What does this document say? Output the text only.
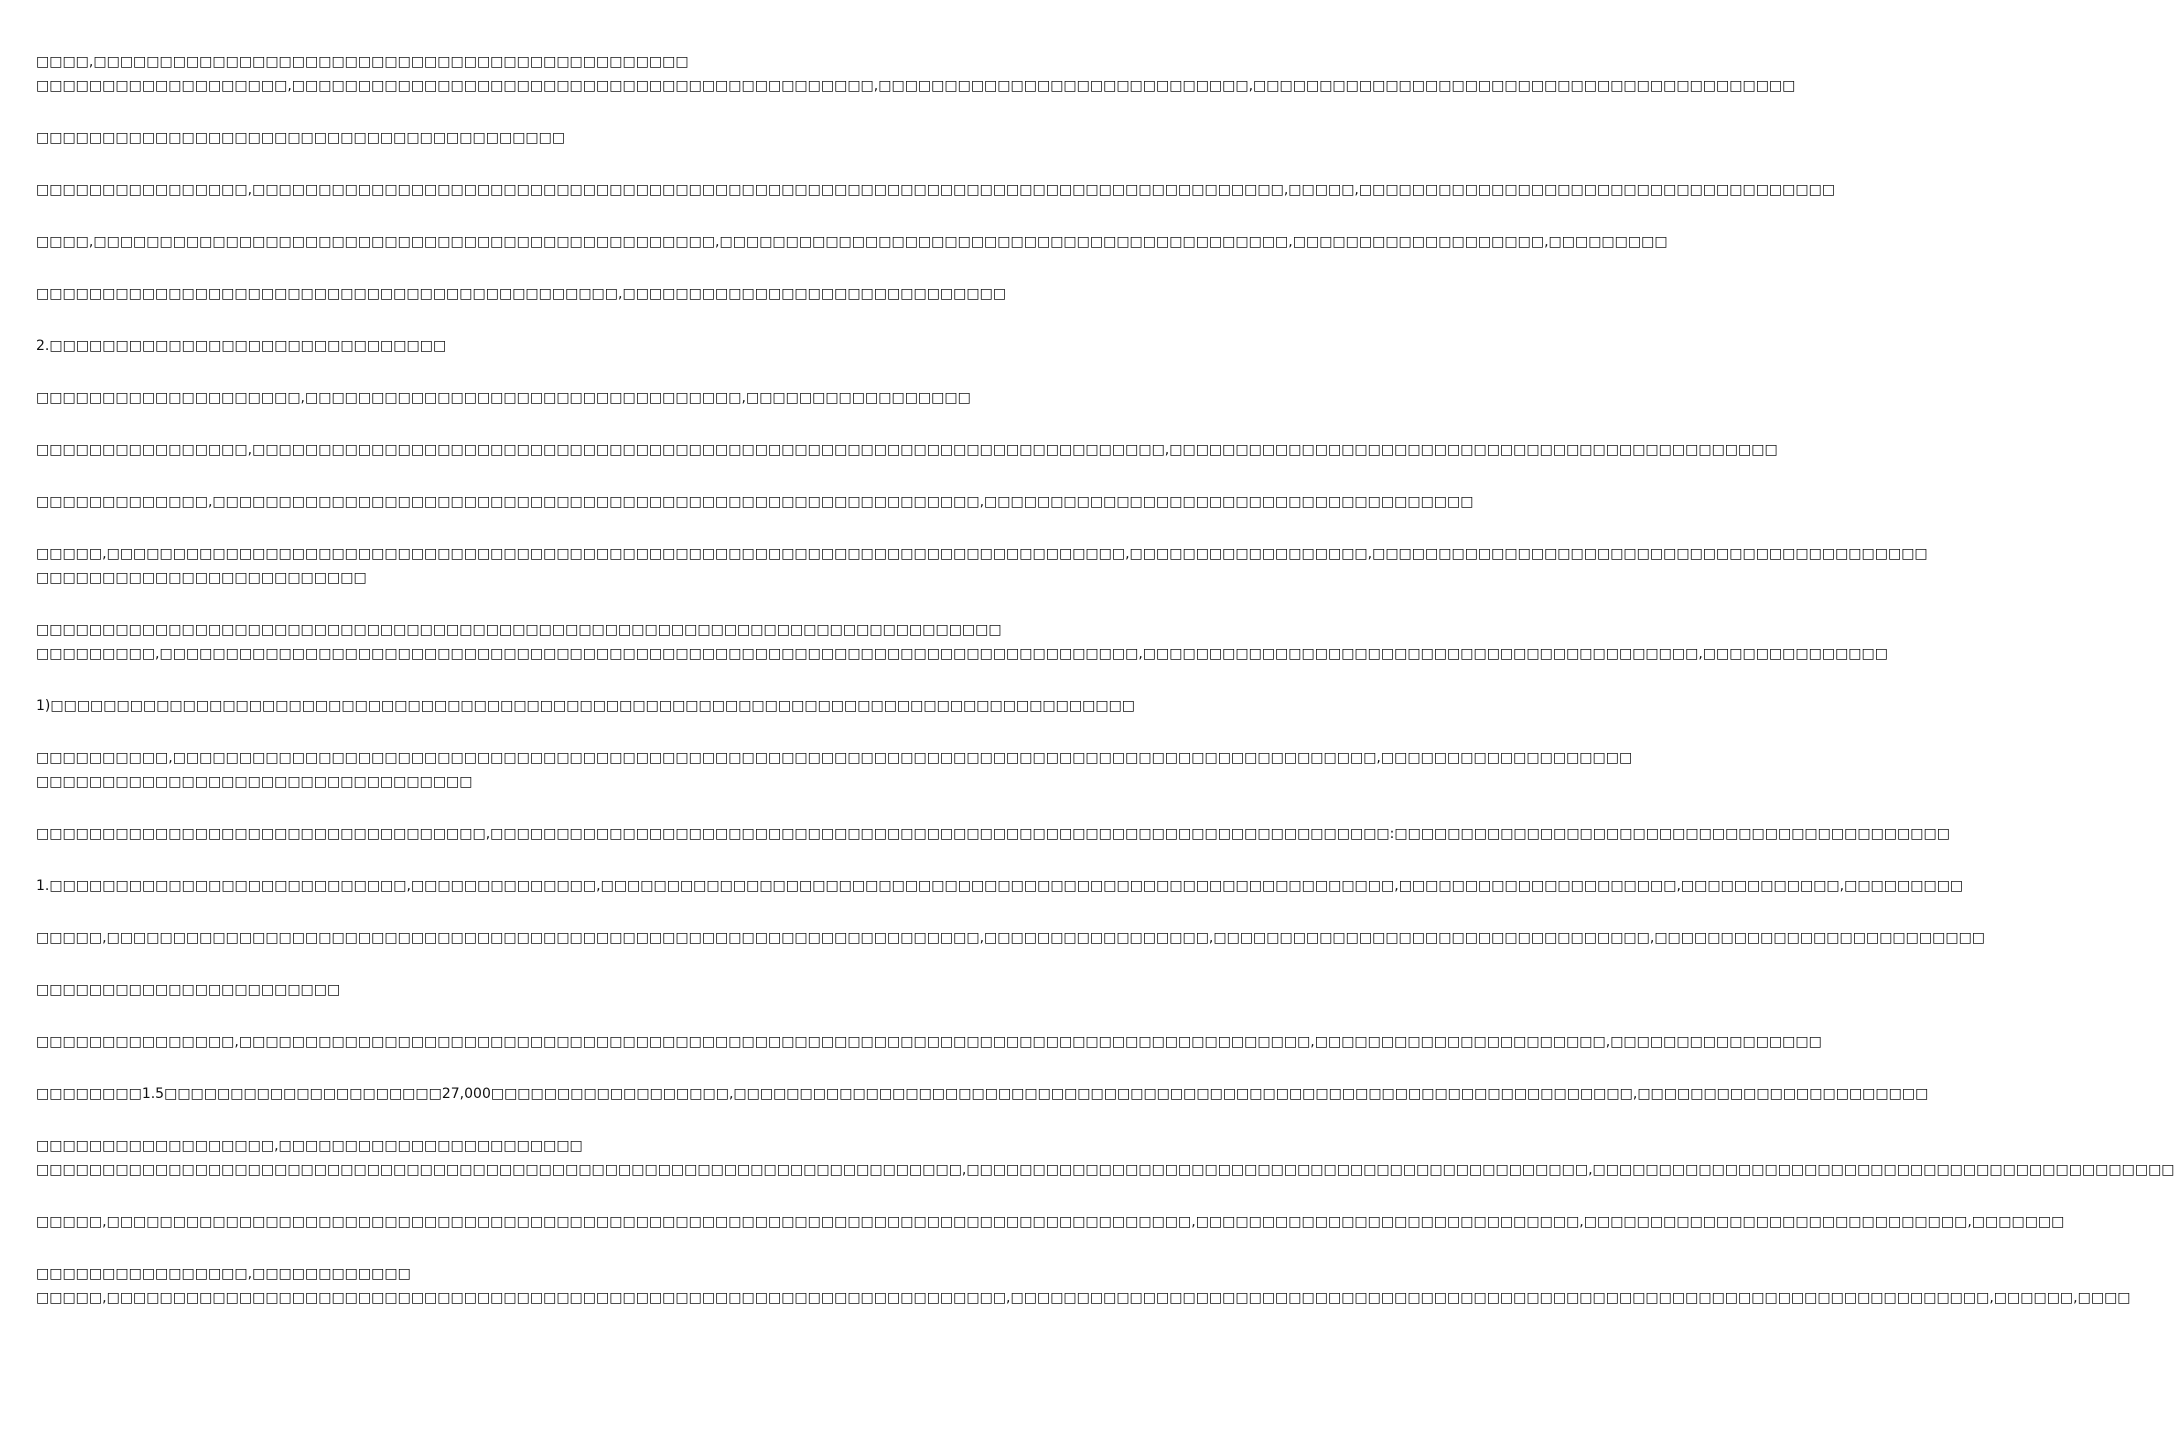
□□□□,□□□□□□□□□□□□□□□□□□□□□□□□□□□□□□□□□□□□□□□□□□□□□
□□□□□□□□□□□□□□□□□□□,□□□□□□□□□□□□□□□□□□□□□□□□□□□□□□□□□□□□□□□□□□□□,□□□□□□□□□□□□□□□□□□□□□□□□□□□□,□□□□□□□□□□□□□□□□□□□□□□□□□□□□□□□□□□□□□□□□□

□□□□□□□□□□□□□□□□□□□□□□□□□□□□□□□□□□□□□□□□

□□□□□□□□□□□□□□□□,□□□□□□□□□□□□□□□□□□□□□□□□□□□□□□□□□□□□□□□□□□□□□□□□□□□□□□□□□□□□□□□□□□□□□□□□□□□□□□,□□□□□,□□□□□□□□□□□□□□□□□□□□□□□□□□□□□□□□□□□□

□□□□,□□□□□□□□□□□□□□□□□□□□□□□□□□□□□□□□□□□□□□□□□□□□□□□,□□□□□□□□□□□□□□□□□□□□□□□□□□□□□□□□□□□□□□□□□□□,□□□□□□□□□□□□□□□□□□□,□□□□□□□□□

□□□□□□□□□□□□□□□□□□□□□□□□□□□□□□□□□□□□□□□□□□□□,□□□□□□□□□□□□□□□□□□□□□□□□□□□□□

2.□□□□□□□□□□□□□□□□□□□□□□□□□□□□□□

□□□□□□□□□□□□□□□□□□□□,□□□□□□□□□□□□□□□□□□□□□□□□□□□□□□□□□,□□□□□□□□□□□□□□□□□

□□□□□□□□□□□□□□□□,□□□□□□□□□□□□□□□□□□□□□□□□□□□□□□□□□□□□□□□□□□□□□□□□□□□□□□□□□□□□□□□□□□□□□,□□□□□□□□□□□□□□□□□□□□□□□□□□□□□□□□□□□□□□□□□□□□□□

□□□□□□□□□□□□□,□□□□□□□□□□□□□□□□□□□□□□□□□□□□□□□□□□□□□□□□□□□□□□□□□□□□□□□□□□,□□□□□□□□□□□□□□□□□□□□□□□□□□□□□□□□□□□□□

□□□□□,□□□□□□□□□□□□□□□□□□□□□□□□□□□□□□□□□□□□□□□□□□□□□□□□□□□□□□□□□□□□□□□□□□□□□□□□□□□□□,□□□□□□□□□□□□□□□□□□,□□□□□□□□□□□□□□□□□□□□□□□□□□□□□□□□□□□□□□□□□□
□□□□□□□□□□□□□□□□□□□□□□□□□

□□□□□□□□□□□□□□□□□□□□□□□□□□□□□□□□□□□□□□□□□□□□□□□□□□□□□□□□□□□□□□□□□□□□□□□□□
□□□□□□□□□,□□□□□□□□□□□□□□□□□□□□□□□□□□□□□□□□□□□□□□□□□□□□□□□□□□□□□□□□□□□□□□□□□□□□□□□□□□,□□□□□□□□□□□□□□□□□□□□□□□□□□□□□□□□□□□□□□□□□□,□□□□□□□□□□□□□□

1)□□□□□□□□□□□□□□□□□□□□□□□□□□□□□□□□□□□□□□□□□□□□□□□□□□□□□□□□□□□□□□□□□□□□□□□□□□□□□□□□□□

□□□□□□□□□□,□□□□□□□□□□□□□□□□□□□□□□□□□□□□□□□□□□□□□□□□□□□□□□□□□□□□□□□□□□□□□□□□□□□□□□□□□□□□□□□□□□□□□□□□□□□,□□□□□□□□□□□□□□□□□□□
□□□□□□□□□□□□□□□□□□□□□□□□□□□□□□□□□

□□□□□□□□□□□□□□□□□□□□□□□□□□□□□□□□□□,□□□□□□□□□□□□□□□□□□□□□□□□□□□□□□□□□□□□□□□□□□□□□□□□□□□□□□□□□□□□□□□□□□□□:□□□□□□□□□□□□□□□□□□□□□□□□□□□□□□□□□□□□□□□□□□

1.□□□□□□□□□□□□□□□□□□□□□□□□□□□,□□□□□□□□□□□□□□,□□□□□□□□□□□□□□□□□□□□□□□□□□□□□□□□□□□□□□□□□□□□□□□□□□□□□□□□□□□□,□□□□□□□□□□□□□□□□□□□□□,□□□□□□□□□□□□,□□□□□□□□□

□□□□□,□□□□□□□□□□□□□□□□□□□□□□□□□□□□□□□□□□□□□□□□□□□□□□□□□□□□□□□□□□□□□□□□□□,□□□□□□□□□□□□□□□□□,□□□□□□□□□□□□□□□□□□□□□□□□□□□□□□□□□,□□□□□□□□□□□□□□□□□□□□□□□□□

□□□□□□□□□□□□□□□□□□□□□□□

□□□□□□□□□□□□□□□,□□□□□□□□□□□□□□□□□□□□□□□□□□□□□□□□□□□□□□□□□□□□□□□□□□□□□□□□□□□□□□□□□□□□□□□□□□□□□□□□□,□□□□□□□□□□□□□□□□□□□□□□,□□□□□□□□□□□□□□□□

□□□□□□□□1.5□□□□□□□□□□□□□□□□□□□□□27,000□□□□□□□□□□□□□□□□□□,□□□□□□□□□□□□□□□□□□□□□□□□□□□□□□□□□□□□□□□□□□□□□□□□□□□□□□□□□□□□□□□□□□□□,□□□□□□□□□□□□□□□□□□□□□□

□□□□□□□□□□□□□□□□□□,□□□□□□□□□□□□□□□□□□□□□□□
□□□□□□□□□□□□□□□□□□□□□□□□□□□□□□□□□□□□□□□□□□□□□□□□□□□□□□□□□□□□□□□□□□□□□□,□□□□□□□□□□□□□□□□□□□□□□□□□□□□□□□□□□□□□□□□□□□□□□□,□□□□□□□□□□□□□□□□□□□□□□□□□□□□□□□□□□□□□□□□□□□□

□□□□□,□□□□□□□□□□□□□□□□□□□□□□□□□□□□□□□□□□□□□□□□□□□□□□□□□□□□□□□□□□□□□□□□□□□□□□□□□□□□□□□□□□,□□□□□□□□□□□□□□□□□□□□□□□□□□□□□,□□□□□□□□□□□□□□□□□□□□□□□□□□□□□,□□□□□□□

□□□□□□□□□□□□□□□□,□□□□□□□□□□□□
□□□□□,□□□□□□□□□□□□□□□□□□□□□□□□□□□□□□□□□□□□□□□□□□□□□□□□□□□□□□□□□□□□□□□□□□□□,□□□□□□□□□□□□□□□□□□□□□□□□□□□□□□□□□□□□□□□□□□□□□□□□□□□□□□□□□□□□□□□□□□□□□□□□□□,□□□□□□,□□□□
